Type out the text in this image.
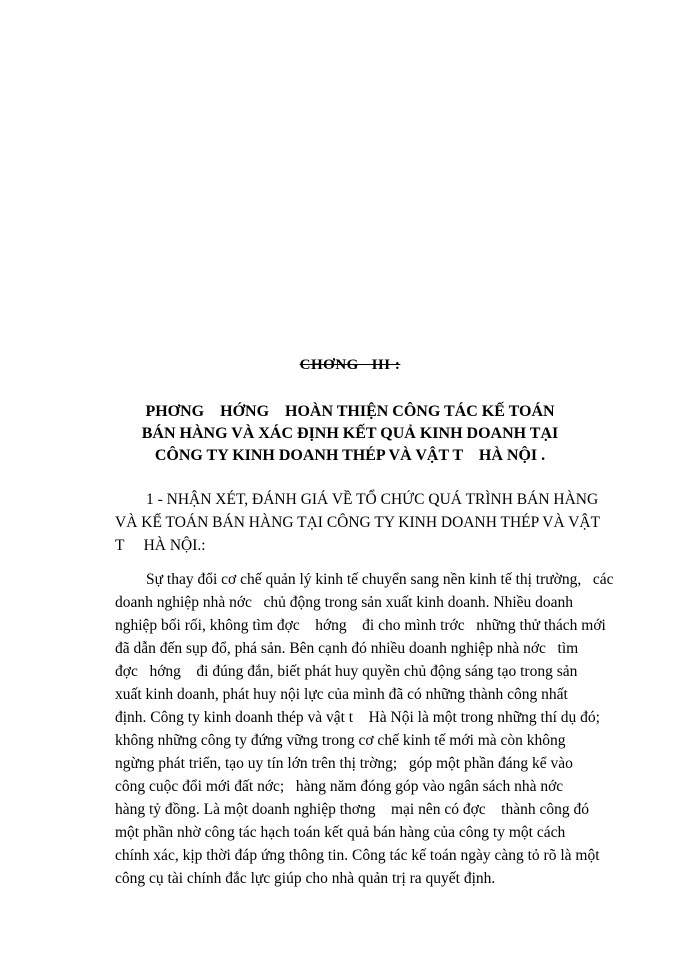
CHƠNG   III :
PHƠNG    HỚNG    HOÀN THIỆN CÔNG TÁC KẾ TOÁN
BÁN HÀNG VÀ XÁC ĐỊNH KẾT QUẢ KINH DOANH TẠI
CÔNG TY KINH DOANH THÉP VÀ VẬT T    HÀ NỘI .
1 - NHẬN XÉT, ĐÁNH GIÁ VỀ TỔ CHỨC QUÁ TRÌNH BÁN HÀNG
VÀ KẾ TOÁN BÁN HÀNG TẠI CÔNG TY KINH DOANH THÉP VÀ VẬT
T     HÀ NỘI.:
Sự thay đổi cơ chế quản lý kinh tế chuyển sang nền kinh tế thị trường,   các
doanh nghiệp nhà nớc   chủ động trong sản xuất kinh doanh. Nhiều doanh
nghiệp bối rối, không tìm đợc    hớng    đi cho mình trớc   những thử thách mới
đã dẫn đến sụp đổ, phá sản. Bên cạnh đó nhiều doanh nghiệp nhà nớc   tìm
đợc   hớng    đi đúng đắn, biết phát huy quyền chủ động sáng tạo trong sản
xuất kinh doanh, phát huy nội lực của mình đã có những thành công nhất
định. Công ty kinh doanh thép và vật t    Hà Nội là một trong những thí dụ đó;
không những công ty đứng vững trong cơ chế kinh tế mới mà còn không
ngừng phát triển, tạo uy tín lớn trên thị trờng;   góp một phần đáng kể vào
công cuộc đổi mới đất nớc;   hàng năm đóng góp vào ngân sách nhà nớc
hàng tỷ đồng. Là một doanh nghiệp thơng    mại nên có đợc    thành công đó
một phần nhờ công tác hạch toán kết quả bán hàng của công ty một cách
chính xác, kịp thời đáp ứng thông tin. Công tác kế toán ngày càng tỏ rõ là một
công cụ tài chính đắc lực giúp cho nhà quản trị ra quyết định.
